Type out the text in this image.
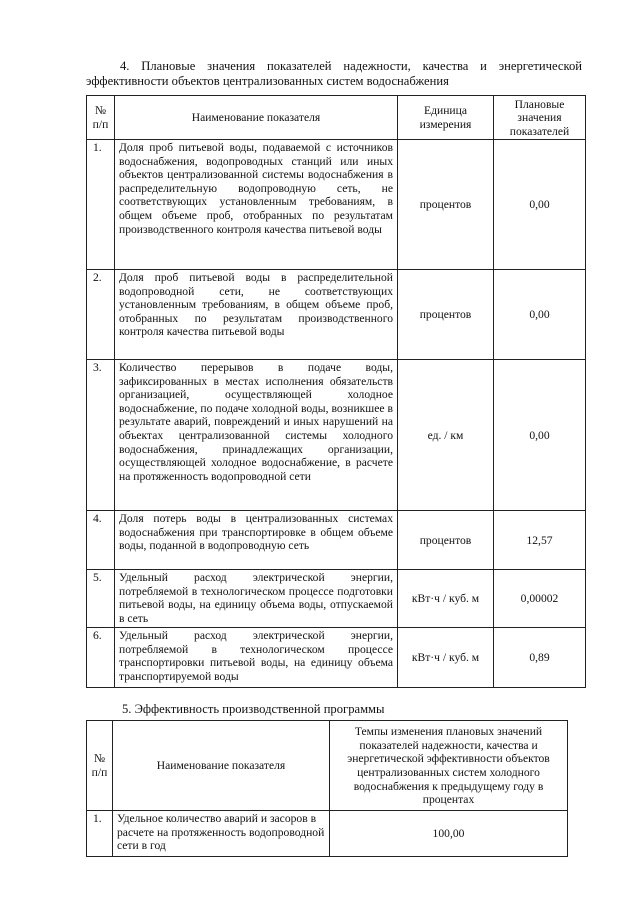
4. Плановые значения показателей надежности, качества и энергетической эффективности объектов централизованных систем водоснабжения
№ п/п	Наименование показателя	Единица измерения	Плановые значения показателей
1.	Доля проб питьевой воды, подаваемой с источников водоснабжения, водопроводных станций или иных объектов централизованной системы водоснабжения в распределительную водопроводную сеть, не соответствующих установленным требованиям, в общем объеме проб, отобранных по результатам производственного контроля качества питьевой воды	процентов	0,00
2.	Доля проб питьевой воды в распределительной водопроводной сети, не соответствующих установленным требованиям, в общем объеме проб, отобранных по результатам производственного контроля качества питьевой воды	процентов	0,00
3.	Количество перерывов в подаче воды, зафиксированных в местах исполнения обязательств организацией, осуществляющей холодное водоснабжение, по подаче холодной воды, возникшее в результате аварий, повреждений и иных нарушений на объектах централизованной системы холодного водоснабжения, принадлежащих организации, осуществляющей холодное водоснабжение, в расчете на протяженность водопроводной сети	ед. / км	0,00
4.	Доля потерь воды в централизованных системах водоснабжения при транспортировке в общем объеме воды, поданной в водопроводную сеть	процентов	12,57
5.	Удельный расход электрической энергии, потребляемой в технологическом процессе подготовки питьевой воды, на единицу объема воды, отпускаемой в сеть	кВт·ч / куб. м	0,00002
6.	Удельный расход электрической энергии, потребляемой в технологическом процессе транспортировки питьевой воды, на единицу объема транспортируемой воды	кВт·ч / куб. м	0,89
5. Эффективность производственной программы
№ п/п	Наименование показателя	Темпы изменения плановых значений показателей надежности, качества и энергетической эффективности объектов централизованных систем холодного водоснабжения к предыдущему году в процентах
1.	Удельное количество аварий и засоров в расчете на протяженность водопроводной сети в год	100,00
